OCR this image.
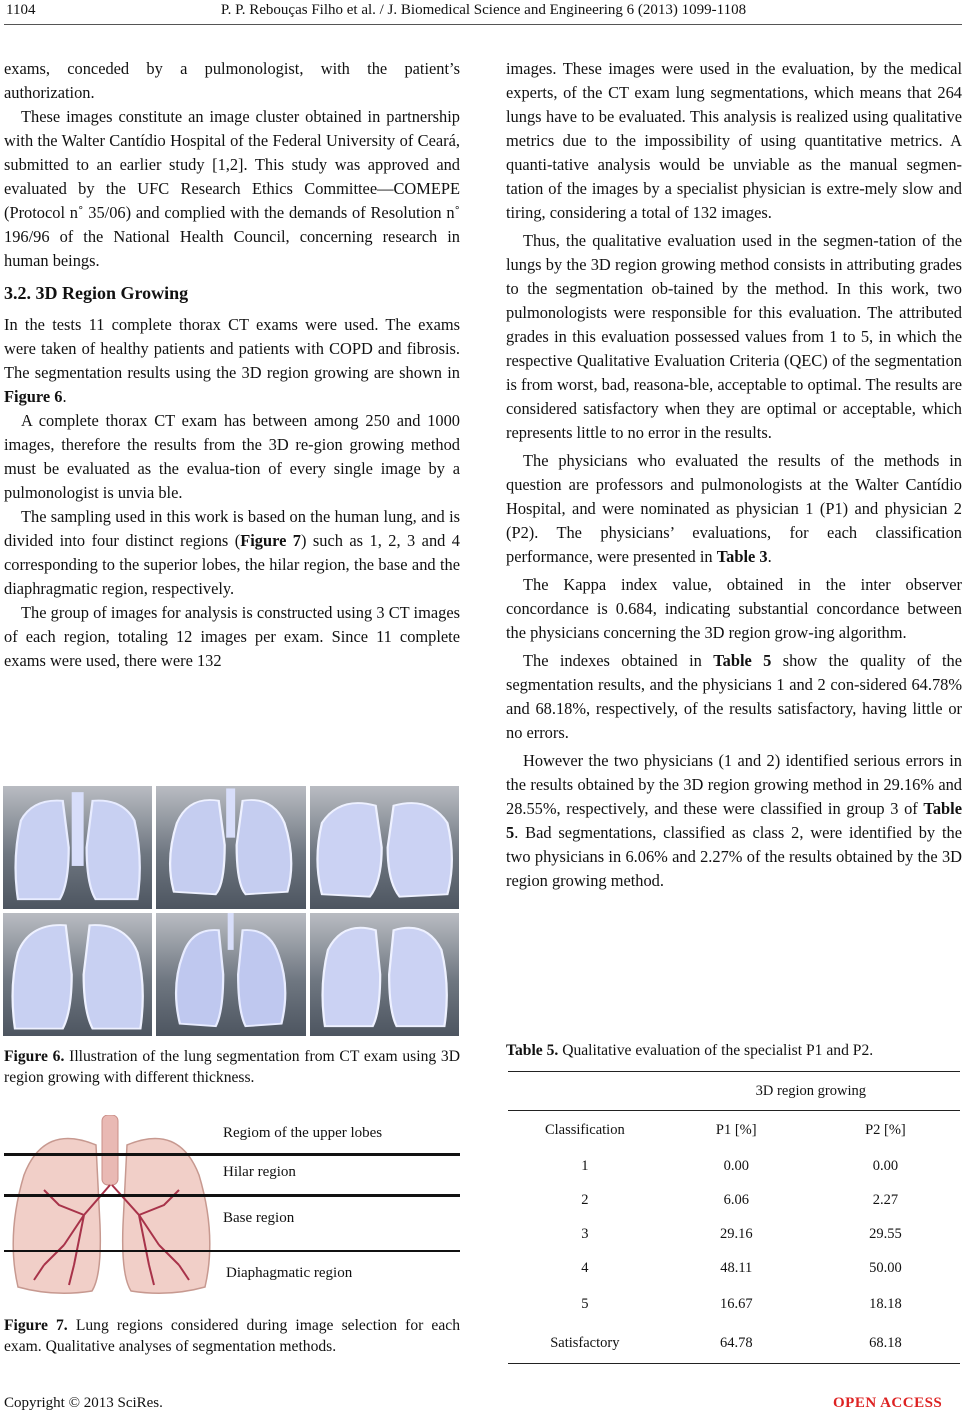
1104	P. P. Rebouças Filho et al. / J. Biomedical Science and Engineering 6 (2013) 1099-1108

exams, conceded by a pulmonologist, with the patient’s authorization.

These images constitute an image cluster obtained in partnership with the Walter Cantídio Hospital of the Federal University of Ceará, submitted to an earlier study [1,2]. This study was approved and evaluated by the UFC Research Ethics Committee—COMEPE (Protocol n˚ 35/06) and complied with the demands of Resolution n˚ 196/96 of the National Health Council, concerning research in human beings.

3.2. 3D Region Growing

In the tests 11 complete thorax CT exams were used. The exams were taken of healthy patients and patients with COPD and fibrosis. The segmentation results using the 3D region growing are shown in Figure 6.

A complete thorax CT exam has between among 250 and 1000 images, therefore the results from the 3D re-gion growing method must be evaluated as the evalua-tion of every single image by a pulmonologist is unvia ble.

The sampling used in this work is based on the human lung, and is divided into four distinct regions (Figure 7) such as 1, 2, 3 and 4 corresponding to the superior lobes, the hilar region, the base and the diaphragmatic region, respectively.

The group of images for analysis is constructed using 3 CT images of each region, totaling 12 images per exam. Since 11 complete exams were used, there were 132

Figure 6. Illustration of the lung segmentation from CT exam using 3D region growing with different thickness.
Regiom of the upper lobes
Hilar region
Base region
Diaphagmatic region
Figure 7. Lung regions considered during image selection for each exam. Qualitative analyses of segmentation methods.

images. These images were used in the evaluation, by the medical experts, of the CT exam lung segmentations, which means that 264 lungs have to be evaluated. This analysis is realized using qualitative metrics due to the impossibility of using quantitative metrics. A quanti-tative analysis would be unviable as the manual segmen-tation of the images by a specialist physician is extre-mely slow and tiring, considering a total of 132 images.

Thus, the qualitative evaluation used in the segmen-tation of the lungs by the 3D region growing method consists in attributing grades to the segmentation ob-tained by the method. In this work, two pulmonologists were responsible for this evaluation. The attributed grades in this evaluation possessed values from 1 to 5, in which the respective Qualitative Evaluation Criteria (QEC) of the segmentation is from worst, bad, reasona-ble, acceptable to optimal. The results are considered satisfactory when they are optimal or acceptable, which represents little to no error in the results.

The physicians who evaluated the results of the methods in question are professors and pulmonologists at the Walter Cantídio Hospital, and were nominated as physician 1 (P1) and physician 2 (P2). The physicians’ evaluations, for each classification performance, were presented in Table 3.

The Kappa index value, obtained in the inter observer concordance is 0.684, indicating substantial concordance between the physicians concerning the 3D region grow-ing algorithm.

The indexes obtained in Table 5 show the quality of the segmentation results, and the physicians 1 and 2 con-sidered 64.78% and 68.18%, respectively, of the results satisfactory, having little or no errors.

However the two physicians (1 and 2) identified serious errors in the results obtained by the 3D region growing method in 29.16% and 28.55%, respectively, and these were classified in group 3 of Table 5. Bad segmentations, classified as class 2, were identified by the two physicians in 6.06% and 2.27% of the results obtained by the 3D region growing method.

Table 5. Qualitative evaluation of the specialist P1 and P2.
	3D region growing	
Classification	P1 [%]	P2 [%]
1	0.00	0.00
2	6.06	2.27
3	29.16	29.55
4	48.11	50.00
5	16.67	18.18
Satisfactory	64.78	68.18
Copyright © 2013 SciRes.	OPEN ACCESS
